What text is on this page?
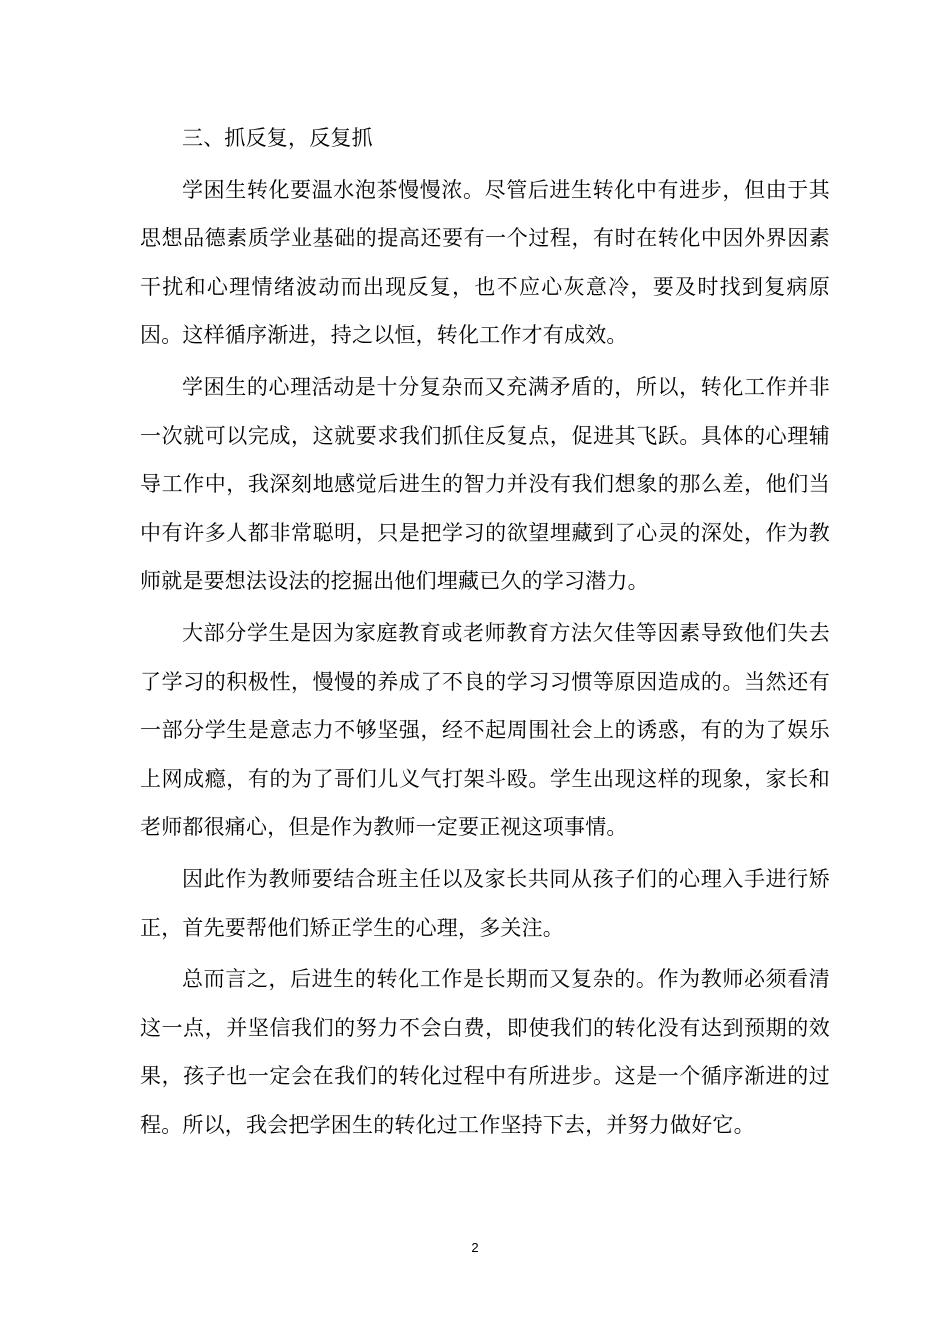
三、抓反复，反复抓

学困生转化要温水泡茶慢慢浓。尽管后进生转化中有进步，但由于其思想品德素质学业基础的提高还要有一个过程，有时在转化中因外界因素干扰和心理情绪波动而出现反复，也不应心灰意冷，要及时找到复病原因。这样循序渐进，持之以恒，转化工作才有成效。

学困生的心理活动是十分复杂而又充满矛盾的，所以，转化工作并非一次就可以完成，这就要求我们抓住反复点，促进其飞跃。具体的心理辅导工作中，我深刻地感觉后进生的智力并没有我们想象的那么差，他们当中有许多人都非常聪明，只是把学习的欲望埋藏到了心灵的深处，作为教师就是要想法设法的挖掘出他们埋藏已久的学习潜力。

大部分学生是因为家庭教育或老师教育方法欠佳等因素导致他们失去了学习的积极性，慢慢的养成了不良的学习习惯等原因造成的。当然还有一部分学生是意志力不够坚强，经不起周围社会上的诱惑，有的为了娱乐上网成瘾，有的为了哥们儿义气打架斗殴。学生出现这样的现象，家长和老师都很痛心，但是作为教师一定要正视这项事情。

因此作为教师要结合班主任以及家长共同从孩子们的心理入手进行矫正，首先要帮他们矫正学生的心理，多关注。

总而言之，后进生的转化工作是长期而又复杂的。作为教师必须看清这一点，并坚信我们的努力不会白费，即使我们的转化没有达到预期的效果，孩子也一定会在我们的转化过程中有所进步。这是一个循序渐进的过程。所以，我会把学困生的转化过工作坚持下去，并努力做好它。

2
